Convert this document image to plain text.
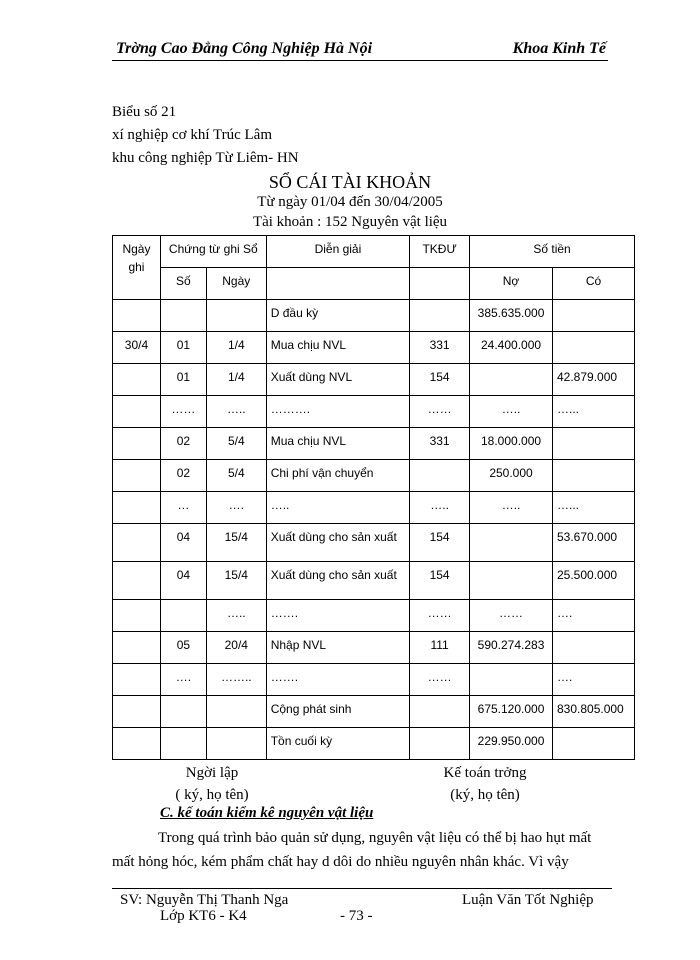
Trờng Cao Đẳng Công Nghiệp Hà Nội	Khoa Kinh Tế
Biểu số 21
xí nghiệp cơ khí Trúc Lâm
khu công nghiệp Từ Liêm- HN
SỔ CÁI TÀI KHOẢN
Từ ngày 01/04 đến 30/04/2005
Tài khoản : 152 Nguyên vật liệu
Ngày ghi	Chứng từ ghi Sổ		Diễn giải	TKĐƯ	Số tiền	
	Số	Ngày			Nợ	Có
			D đầu kỳ		385.635.000	
30/4	01	1/4	Mua chịu NVL	331	24.400.000	
	01	1/4	Xuất dùng NVL	154		42.879.000
	……	…..	……….	……	…..	…...
	02	5/4	Mua chịu NVL	331	18.000.000	
	02	5/4	Chi phí vận chuyển		250.000	
	…	….	…..	…..	…..	…...
	04	15/4	Xuất dùng cho sản xuất	154		53.670.000
	04	15/4	Xuất dùng cho sản xuất	154		25.500.000
		…..	…….	……	……	….
	05	20/4	Nhập NVL	111	590.274.283	
	….	……..	…….	……		….
			Cộng phát sinh		675.120.000	830.805.000
			Tồn cuối kỳ		229.950.000	
Ngời lập
( ký, họ tên)
Kế toán trởng
(ký, họ tên)
C. kế toán kiểm kê nguyên vật liệu
Trong quá trình bảo quản sử dụng, nguyên vật liệu có thể bị hao hụt mất
mất hỏng hóc, kém phẩm chất hay d dôi do nhiều nguyên nhân khác. Vì vậy
SV: Nguyễn Thị Thanh Nga
Lớp KT6 - K4	- 73 -
Luận Văn Tốt Nghiệp
